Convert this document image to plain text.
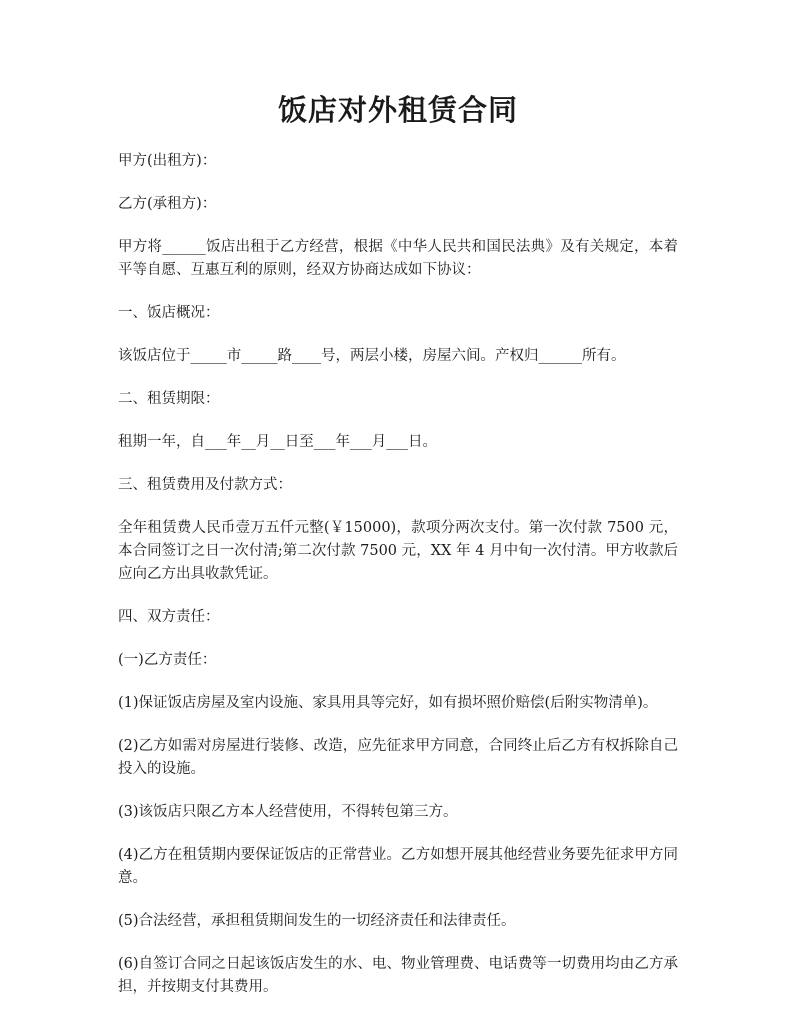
饭店对外租赁合同

甲方(出租方)：

乙方(承租方)：

甲方将______饭店出租于乙方经营，根据《中华人民共和国民法典》及有关规定，本着平等自愿、互惠互利的原则，经双方协商达成如下协议：

一、饭店概况：

该饭店位于_____市_____路____号，两层小楼，房屋六间。产权归______所有。

二、租赁期限：

租期一年，自___年__月__日至___年___月___日。

三、租赁费用及付款方式：

全年租赁费人民币壹万五仟元整(￥15000)，款项分两次支付。第一次付款 7500 元，本合同签订之日一次付清;第二次付款 7500 元，XX 年 4 月中旬一次付清。甲方收款后应向乙方出具收款凭证。

四、双方责任：

(一)乙方责任：

(1)保证饭店房屋及室内设施、家具用具等完好，如有损坏照价赔偿(后附实物清单)。

(2)乙方如需对房屋进行装修、改造，应先征求甲方同意，合同终止后乙方有权拆除自己投入的设施。

(3)该饭店只限乙方本人经营使用，不得转包第三方。

(4)乙方在租赁期内要保证饭店的正常营业。乙方如想开展其他经营业务要先征求甲方同意。

(5)合法经营，承担租赁期间发生的一切经济责任和法律责任。

(6)自签订合同之日起该饭店发生的水、电、物业管理费、电话费等一切费用均由乙方承担，并按期支付其费用。
